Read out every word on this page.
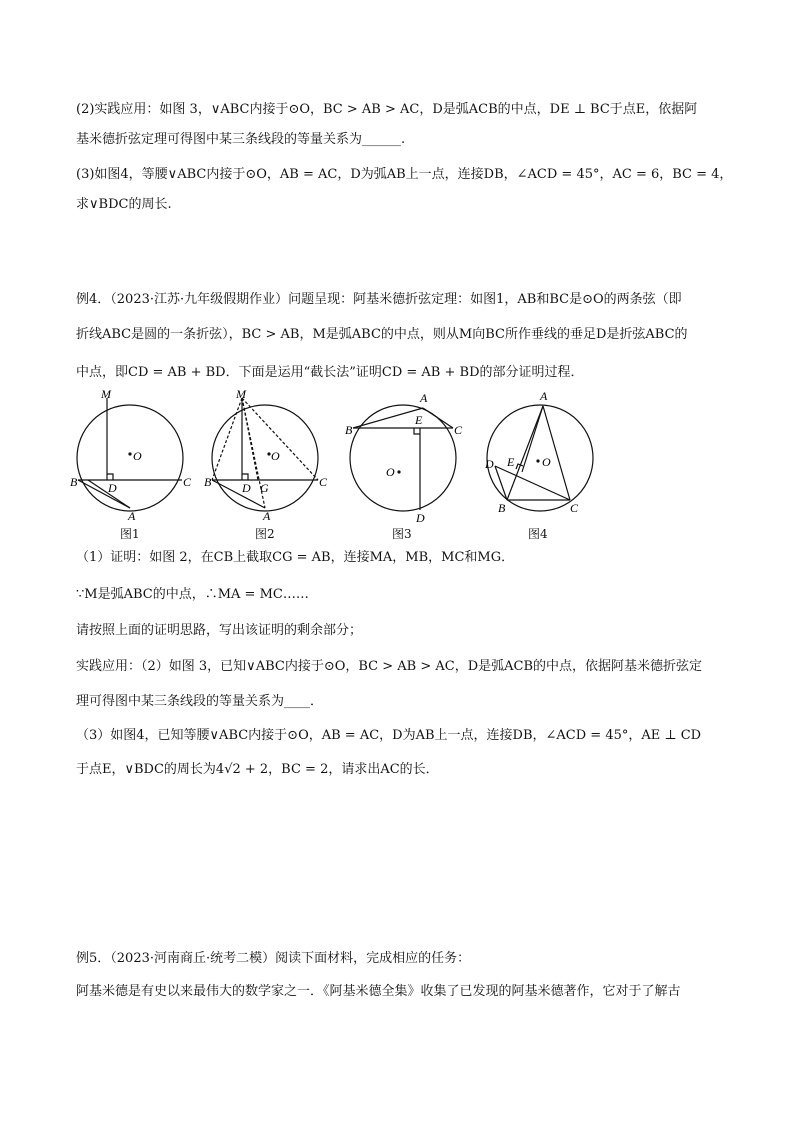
(2)实践应用：如图 3，∨ABC内接于⊙O，BC > AB > AC，D是弧ACB的中点，DE ⊥ BC于点E，依据阿
基米德折弦定理可得图中某三条线段的等量关系为______.
(3)如图4，等腰∨ABC内接于⊙O，AB = AC，D为弧AB上一点，连接DB，∠ACD = 45°，AC = 6，BC = 4，
求∨BDC的周长.
例4．（2023·江苏·九年级假期作业）问题呈现：阿基米德折弦定理：如图1，AB和BC是⊙O的两条弦（即
折线ABC是圆的一条折弦），BC > AB，M是弧ABC的中点，则从M向BC所作垂线的垂足D是折弦ABC的
中点，即CD = AB + BD．下面是运用“截长法”证明CD = AB + BD的部分证明过程．
M
O
B	D	C
A
M
O
B	D G	C
A
A
B
E
C
O
D
A
E O
D
B	C
图1	图2	图3	图4
（1）证明：如图 2，在CB上截取CG = AB，连接MA，MB，MC和MG．
∵M是弧ABC的中点，∴MA = MC……
请按照上面的证明思路，写出该证明的剩余部分；
实践应用：（2）如图 3，已知∨ABC内接于⊙O，BC > AB > AC，D是弧ACB的中点，依据阿基米德折弦定
理可得图中某三条线段的等量关系为____．
（3）如图4，已知等腰∨ABC内接于⊙O，AB = AC，D为AB上一点，连接DB，∠ACD = 45°，AE ⊥ CD
于点E，∨BDC的周长为4√2 + 2，BC = 2，请求出AC的长．
例5．（2023·河南商丘·统考二模）阅读下面材料，完成相应的任务：
阿基米德是有史以来最伟大的数学家之一．《阿基米德全集》收集了已发现的阿基米德著作，它对于了解古
